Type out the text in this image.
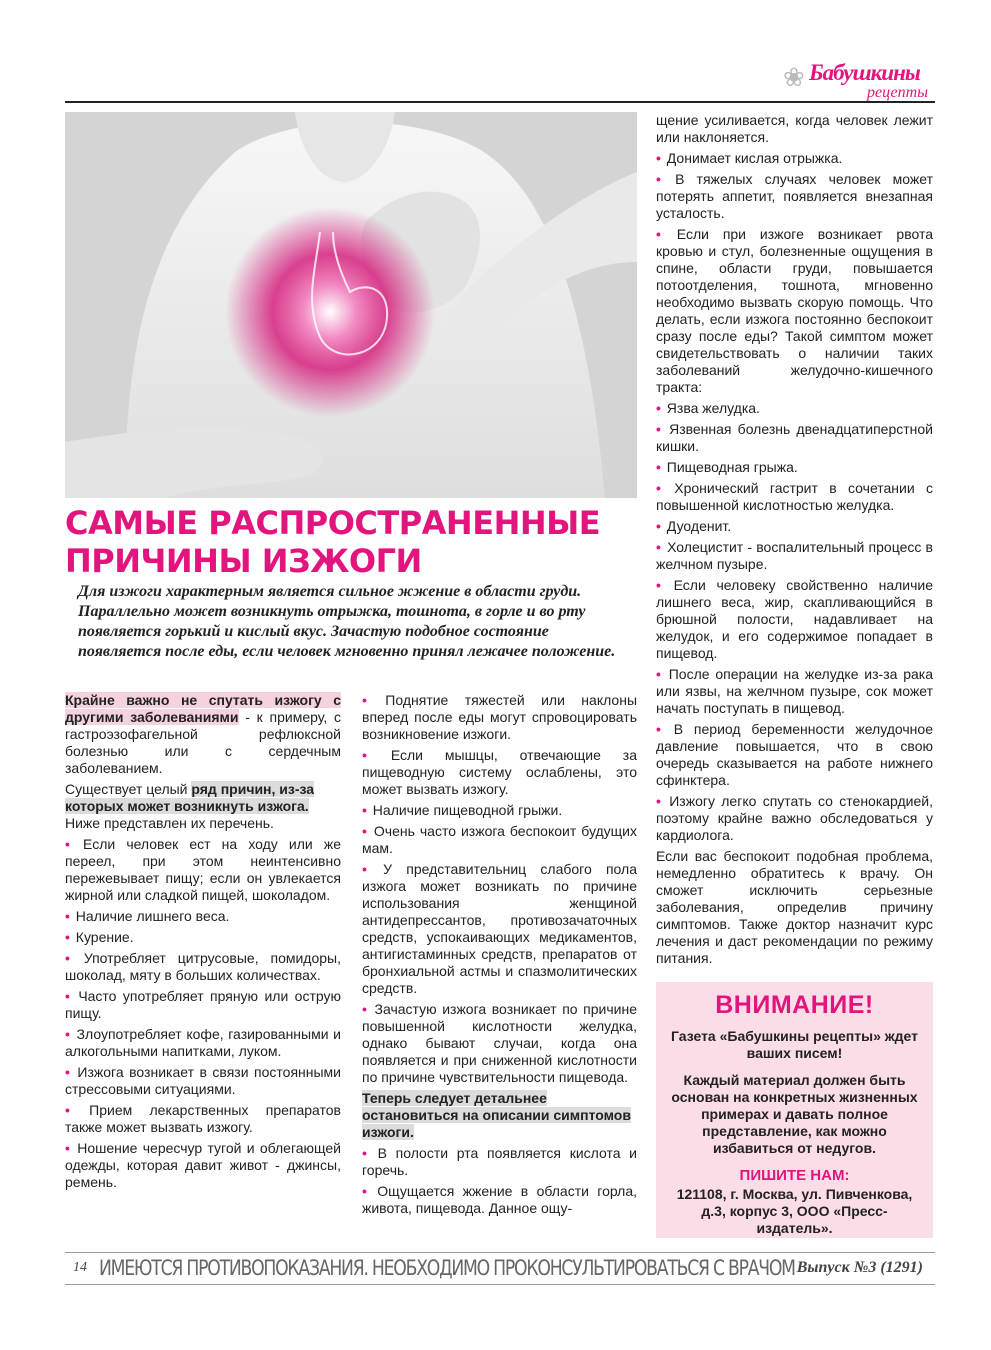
❀ Бабушкины
рецепты
САМЫЕ РАСПРОСТРАНЕННЫЕ
ПРИЧИНЫ ИЗЖОГИ

Для изжоги характерным является сильное жжение в области груди. Параллельно может возникнуть отрыжка, тошнота, в горле и во рту появляется горький и кислый вкус. Зачастую подобное состояние появляется после еды, если человек мгновенно принял лежачее положение.

Крайне важно не спутать изжогу с другими заболеваниями - к примеру, с гастроэзофагельной рефлюксной болезнью или с сердечным заболеванием.

Существует целый ряд причин, из-за которых может возникнуть изжога. Ниже представлен их перечень.

• Если человек ест на ходу или же переел, при этом неинтенсивно пережевывает пищу; если он увлекается жирной или сладкой пищей, шоколадом.

• Наличие лишнего веса.

• Курение.

• Употребляет цитрусовые, помидоры, шоколад, мяту в больших количествах.

• Часто употребляет пряную или острую пищу.

• Злоупотребляет кофе, газированными и алкогольными напитками, луком.

• Изжога возникает в связи постоянными стрессовыми ситуациями.

• Прием лекарственных препаратов также может вызвать изжогу.

• Ношение чересчур тугой и облегающей одежды, которая давит живот - джинсы, ремень.

• Поднятие тяжестей или наклоны вперед после еды могут спровоцировать возникновение изжоги.

• Если мышцы, отвечающие за пищеводную систему ослаблены, это может вызвать изжогу.

• Наличие пищеводной грыжи.

• Очень часто изжога беспокоит будущих мам.

• У представительниц слабого пола изжога может возникать по причине использования женщиной антидепрессантов, противозачаточных средств, успокаивающих медикаментов, антигистаминных средств, препаратов от бронхиальной астмы и спазмолитических средств.

• Зачастую изжога возникает по причине повышенной кислотности желудка, однако бывают случаи, когда она появляется и при сниженной кислотности по причине чувствительности пищевода.

Теперь следует детальнее остановиться на описании симптомов изжоги.

• В полости рта появляется кислота и горечь.

• Ощущается жжение в области горла, живота, пищевода. Данное ощу-

щение усиливается, когда человек лежит или наклоняется.

• Донимает кислая отрыжка.

• В тяжелых случаях человек может потерять аппетит, появляется внезапная усталость.

• Если при изжоге возникает рвота кровью и стул, болезненные ощущения в спине, области груди, повышается потоотделения, тошнота, мгновенно необходимо вызвать скорую помощь. Что делать, если изжога постоянно беспокоит сразу после еды? Такой симптом может свидетельствовать о наличии таких заболеваний желудочно-кишечного тракта:

• Язва желудка.

• Язвенная болезнь двенадцатиперстной кишки.

• Пищеводная грыжа.

• Хронический гастрит в сочетании с повышенной кислотностью желудка.

• Дуоденит.

• Холецистит - воспалительный процесс в желчном пузыре.

• Если человеку свойственно наличие лишнего веса, жир, скапливающийся в брюшной полости, надавливает на желудок, и его содержимое попадает в пищевод.

• После операции на желудке из-за рака или язвы, на желчном пузыре, сок может начать поступать в пищевод.

• В период беременности желудочное давление повышается, что в свою очередь сказывается на работе нижнего сфинктера.

• Изжогу легко спутать со стенокардией, поэтому крайне важно обследоваться у кардиолога.

Если вас беспокоит подобная проблема, немедленно обратитесь к врачу. Он сможет исключить серьезные заболевания, определив причину симптомов. Также доктор назначит курс лечения и даст рекомендации по режиму питания.

ВНИМАНИЕ!

Газета «Бабушкины рецепты» ждет ваших писем!

Каждый материал должен быть основан на конкретных жизненных примерах и давать полное представление, как можно избавиться от недугов.

ПИШИТЕ НАМ:

121108, г. Москва, ул. Пивченкова, д.3, корпус 3, ООО «Пресс-издатель».

14 ИМЕЮТСЯ ПРОТИВОПОКАЗАНИЯ. НЕОБХОДИМО ПРОКОНСУЛЬТИРОВАТЬСЯ С ВРАЧОМ Выпуск №3 (1291)
